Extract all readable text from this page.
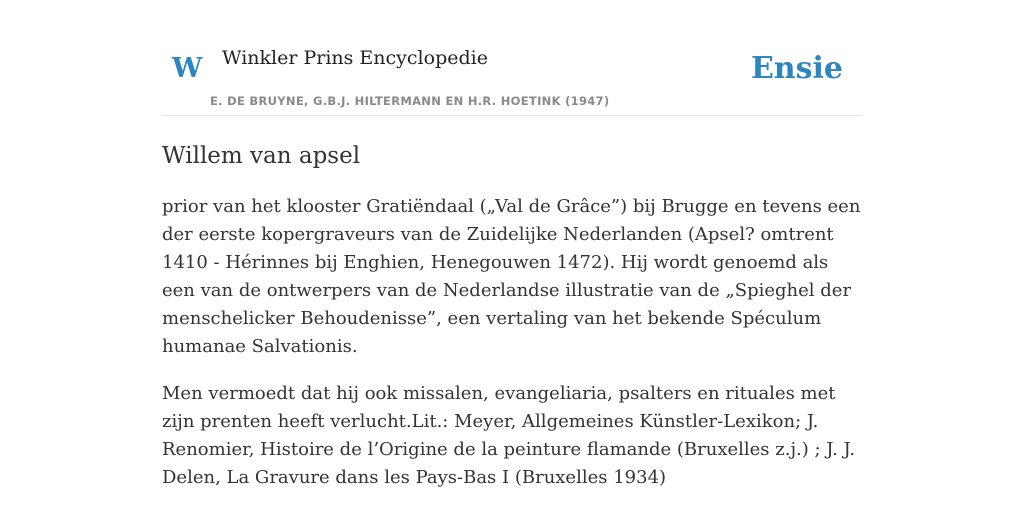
W Winkler Prins Encyclopedie
E. DE BRUYNE, G.B.J. HILTERMANN EN H.R. HOETINK (1947)
Ensie
Willem van apsel

prior van het klooster Gratiëndaal („Val de Grâce”) bij Brugge en tevens een der eerste kopergraveurs van de Zuidelijke Nederlanden (Apsel? omtrent 1410 - Hérinnes bij Enghien, Henegouwen 1472). Hij wordt genoemd als een van de ontwerpers van de Nederlandse illustratie van de „Spieghel der menschelicker Behoudenisse”, een vertaling van het bekende Spéculum humanae Salvationis.

Men vermoedt dat hij ook missalen, evangeliaria, psalters en rituales met zijn prenten heeft verlucht.Lit.: Meyer, Allgemeines Künstler-Lexikon; J. Renomier, Histoire de l’Origine de la peinture flamande (Bruxelles z.j.) ; J. J. Delen, La Gravure dans les Pays-Bas I (Bruxelles 1934)
